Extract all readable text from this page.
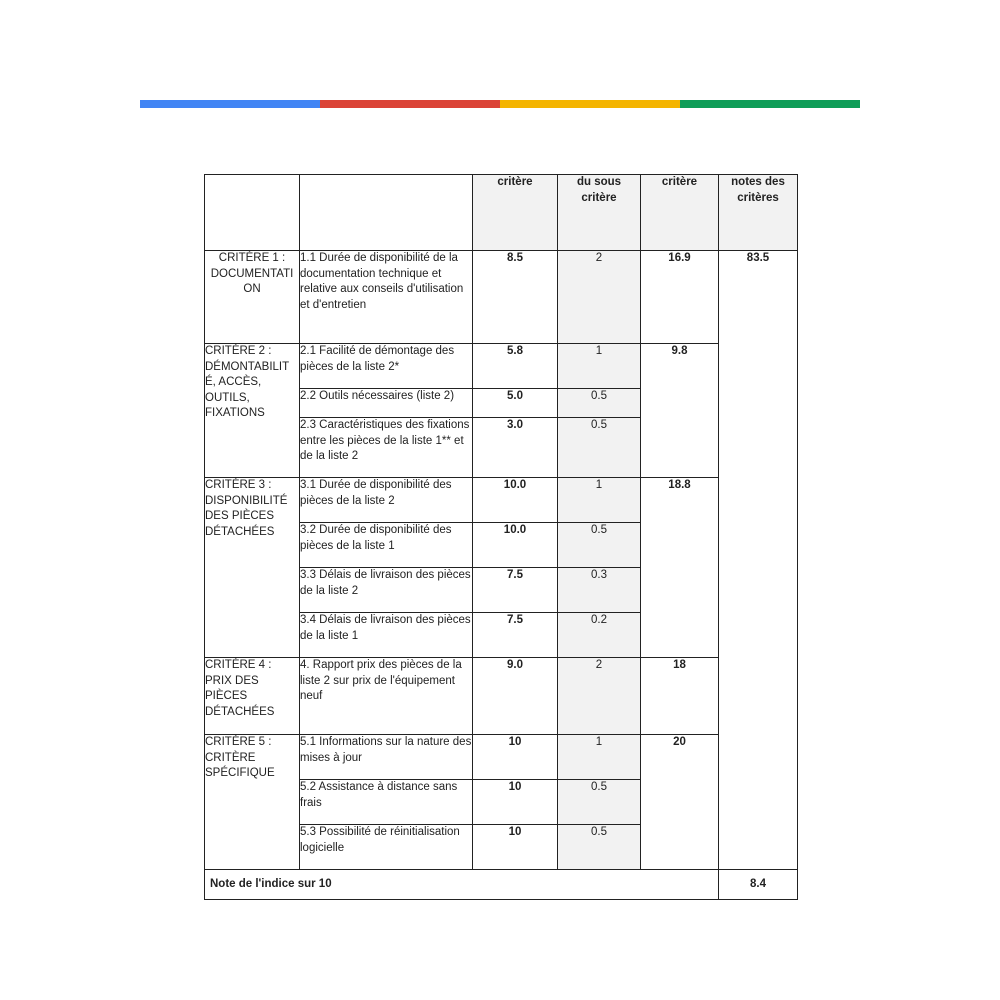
		critère	du sous critère	critère	notes des critères
CRITÈRE 1 : DOCUMENTATI ON	1.1 Durée de disponibilité de la documentation technique et relative aux conseils d'utilisation et d'entretien	8.5	2	16.9	83.5
CRITÈRE 2 : DÉMONTABILIT É, ACCÈS, OUTILS, FIXATIONS	2.1 Facilité de démontage des pièces de la liste 2*	5.8	1	9.8	
	2.2 Outils nécessaires (liste 2)	5.0	0.5		
	2.3 Caractéristiques des fixations entre les pièces de la liste 1** et de la liste 2	3.0	0.5		
CRITÈRE 3 : DISPONIBILITÉ DES PIÈCES DÉTACHÉES	3.1 Durée de disponibilité des pièces de la liste 2	10.0	1	18.8	
	3.2 Durée de disponibilité des pièces de la liste 1	10.0	0.5		
	3.3 Délais de livraison des pièces de la liste 2	7.5	0.3		
	3.4 Délais de livraison des pièces de la liste 1	7.5	0.2		
CRITÈRE 4 : PRIX DES PIÈCES DÉTACHÉES	4. Rapport prix des pièces de la liste 2 sur prix de l'équipement neuf	9.0	2	18	
CRITÈRE 5 : CRITÈRE SPÉCIFIQUE	5.1 Informations sur la nature des mises à jour	10	1	20	
	5.2 Assistance à distance sans frais	10	0.5		
	5.3 Possibilité de réinitialisation logicielle	10	0.5		
Note de l'indice sur 10					8.4
